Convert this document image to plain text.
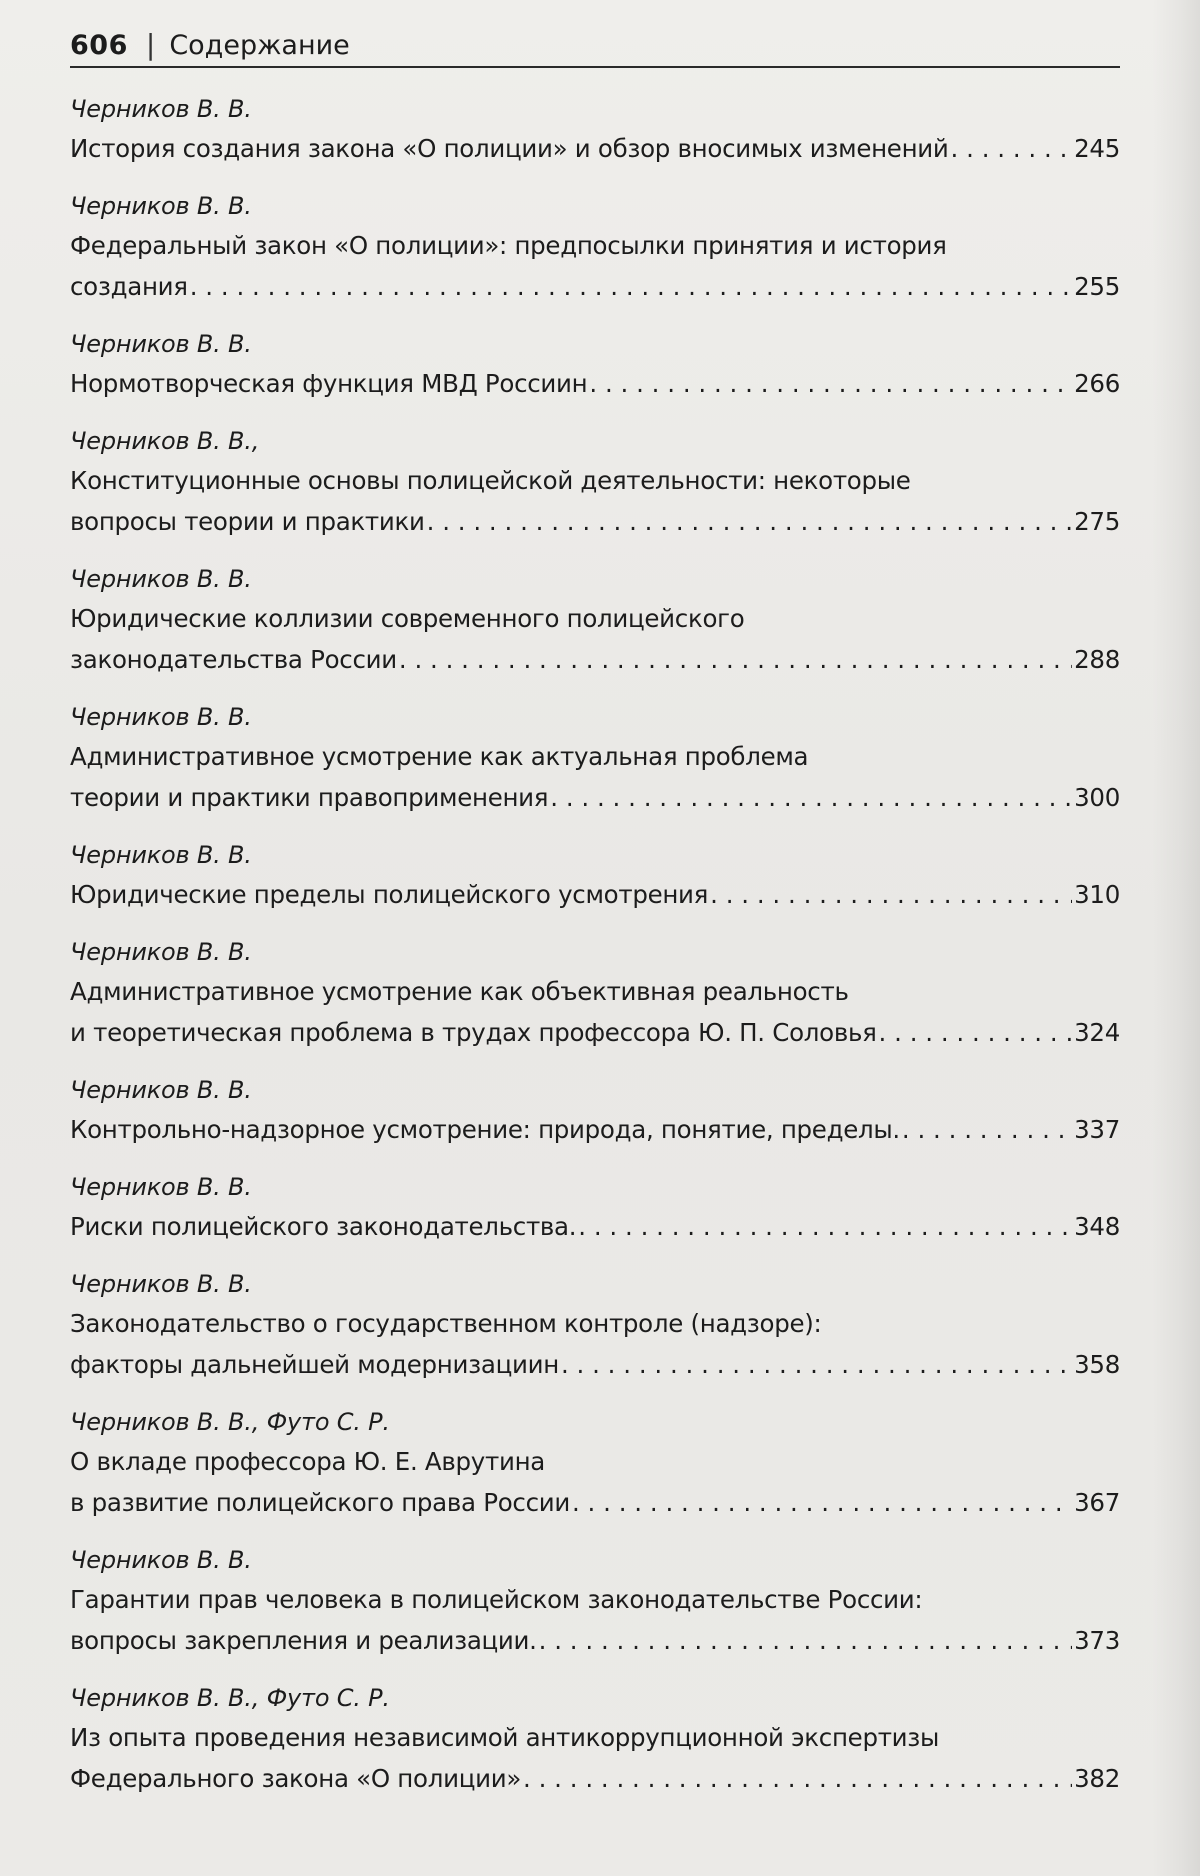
606 | Содержание
Черников В. В.
История создания закона «О полиции» и обзор вносимых изменений . . .	245
Черников В. В.
Федеральный закон «О полиции»: предпосылки принятия и история
создания . . .	255
Черников В. В.
Нормотворческая функция МВД Россиин . . .	266
Черников В. В.,
Конституционные основы полицейской деятельности: некоторые
вопросы теории и практики . . .	275
Черников В. В.
Юридические коллизии современного полицейского
законодательства России . . .	288
Черников В. В.
Административное усмотрение как актуальная проблема
теории и практики правоприменения . . .	300
Черников В. В.
Юридические пределы полицейского усмотрения . . .	310
Черников В. В.
Административное усмотрение как объективная реальность
и теоретическая проблема в трудах профессора Ю. П. Соловья . . .	324
Черников В. В.
Контрольно-надзорное усмотрение: природа, понятие, пределы. . . .	337
Черников В. В.
Риски полицейского законодательства. . . .	348
Черников В. В.
Законодательство о государственном контроле (надзоре):
факторы дальнейшей модернизациин . . .	358
Черников В. В., Футо С. Р.
О вкладе профессора Ю. Е. Аврутина
в развитие полицейского права России . . .	367
Черников В. В.
Гарантии прав человека в полицейском законодательстве России:
вопросы закрепления и реализации. . . .	373
Черников В. В., Футо С. Р.
Из опыта проведения независимой антикоррупционной экспертизы
Федерального закона «О полиции» . . .	382
